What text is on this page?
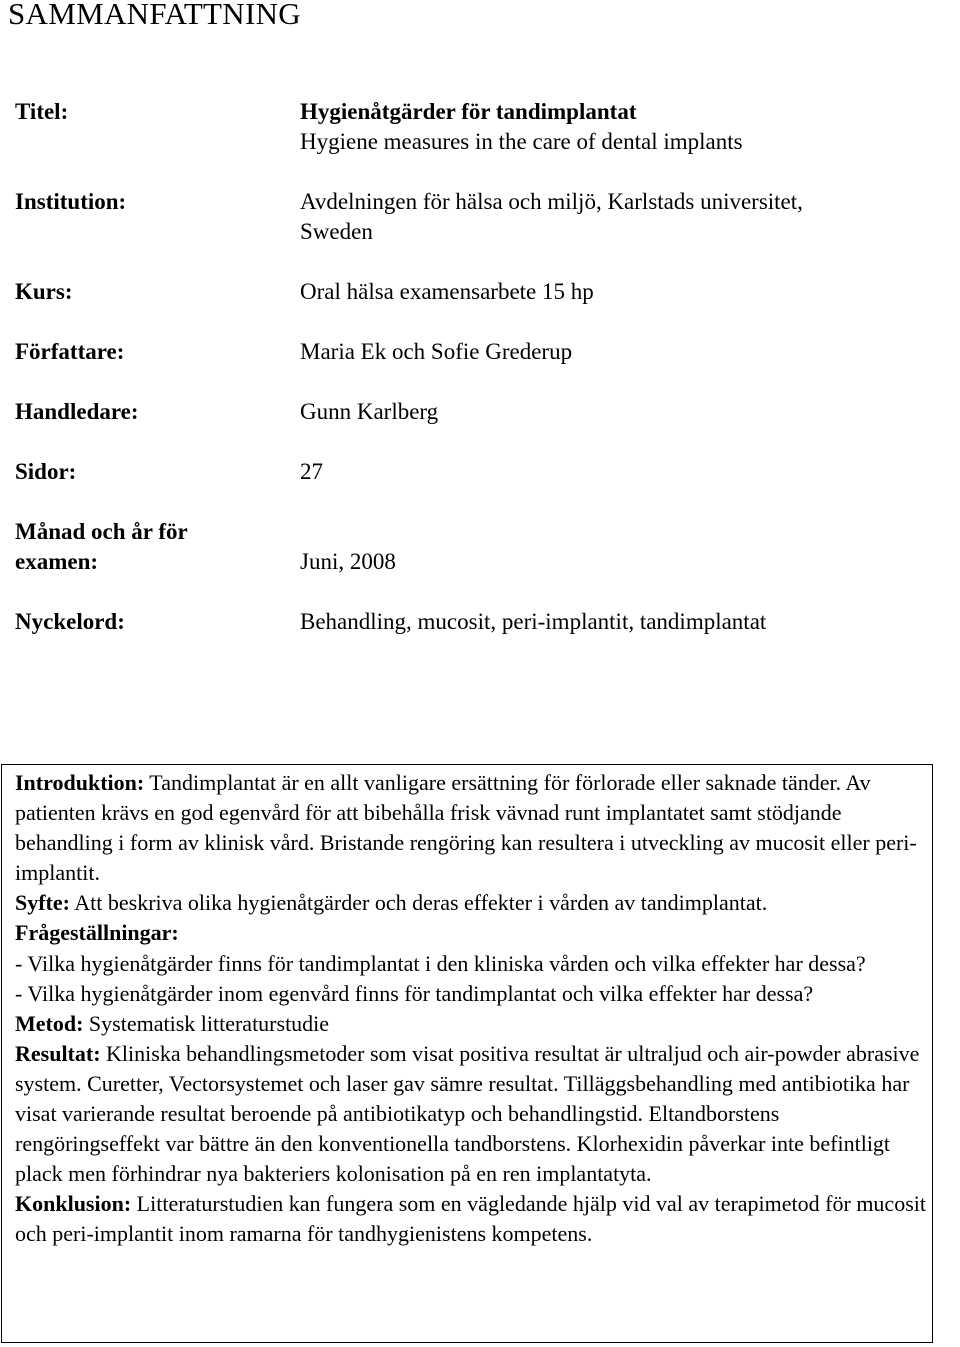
SAMMANFATTNING
Titel:	Hygienåtgärder för tandimplantat
Hygiene measures in the care of dental implants
Institution:	Avdelningen för hälsa och miljö, Karlstads universitet,
Sweden
Kurs:	Oral hälsa examensarbete 15 hp
Författare:	Maria Ek och Sofie Grederup
Handledare:	Gunn Karlberg
Sidor:	27
Månad och år för
examen:	Juni, 2008
Nyckelord:	Behandling, mucosit, peri-implantit, tandimplantat

Introduktion: Tandimplantat är en allt vanligare ersättning för förlorade eller saknade tänder. Av patienten krävs en god egenvård för att bibehålla frisk vävnad runt implantatet samt stödjande behandling i form av klinisk vård. Bristande rengöring kan resultera i utveckling av mucosit eller peri-implantit.

Syfte: Att beskriva olika hygienåtgärder och deras effekter i vården av tandimplantat.

Frågeställningar:

- Vilka hygienåtgärder finns för tandimplantat i den kliniska vården och vilka effekter har dessa?

- Vilka hygienåtgärder inom egenvård finns för tandimplantat och vilka effekter har dessa?

Metod: Systematisk litteraturstudie

Resultat: Kliniska behandlingsmetoder som visat positiva resultat är ultraljud och air-powder abrasive system. Curetter, Vectorsystemet och laser gav sämre resultat. Tilläggsbehandling med antibiotika har visat varierande resultat beroende på antibiotikatyp och behandlingstid. Eltandborstens rengöringseffekt var bättre än den konventionella tandborstens. Klorhexidin påverkar inte befintligt plack men förhindrar nya bakteriers kolonisation på en ren implantatyta.

Konklusion: Litteraturstudien kan fungera som en vägledande hjälp vid val av terapimetod för mucosit och peri-implantit inom ramarna för tandhygienistens kompetens.
